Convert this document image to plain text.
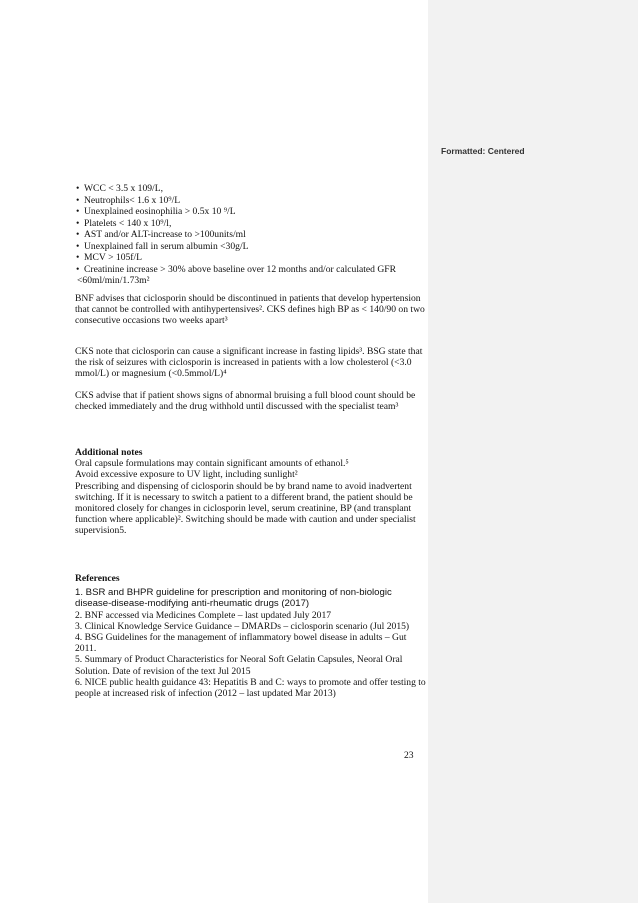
Formatted: Centered
• WCC < 3.5 x 109/L,
• Neutrophils< 1.6 x 10⁹/L
• Unexplained eosinophilia > 0.5x 10 ⁹/L
• Platelets < 140 x 10⁹/l,
• AST and/or ALT-increase to >100units/ml
• Unexplained fall in serum albumin <30g/L
• MCV > 105f/L
• Creatinine increase > 30% above baseline over 12 months and/or calculated GFR
<60ml/min/1.73m²

BNF advises that ciclosporin should be discontinued in patients that develop hypertension that cannot be controlled with antihypertensives². CKS defines high BP as < 140/90 on two consecutive occasions two weeks apart³

CKS note that ciclosporin can cause a significant increase in fasting lipids³. BSG state that the risk of seizures with ciclosporin is increased in patients with a low cholesterol (<3.0 mmol/L) or magnesium (<0.5mmol/L)⁴

CKS advise that if patient shows signs of abnormal bruising a full blood count should be checked immediately and the drug withhold until discussed with the specialist team³

Additional notes

Oral capsule formulations may contain significant amounts of ethanol.⁵

Avoid excessive exposure to UV light, including sunlight²

Prescribing and dispensing of ciclosporin should be by brand name to avoid inadvertent switching. If it is necessary to switch a patient to a different brand, the patient should be monitored closely for changes in ciclosporin level, serum creatinine, BP (and transplant function where applicable)². Switching should be made with caution and under specialist supervision5.

References

1. BSR and BHPR guideline for prescription and monitoring of non-biologic disease-disease-modifying anti-rheumatic drugs (2017)

2. BNF accessed via Medicines Complete – last updated July 2017

3. Clinical Knowledge Service Guidance – DMARDs – ciclosporin scenario (Jul 2015)

4. BSG Guidelines for the management of inflammatory bowel disease in adults – Gut 2011.

5. Summary of Product Characteristics for Neoral Soft Gelatin Capsules, Neoral Oral Solution. Date of revision of the text Jul 2015

6. NICE public health guidance 43: Hepatitis B and C: ways to promote and offer testing to people at increased risk of infection (2012 – last updated Mar 2013)

23
